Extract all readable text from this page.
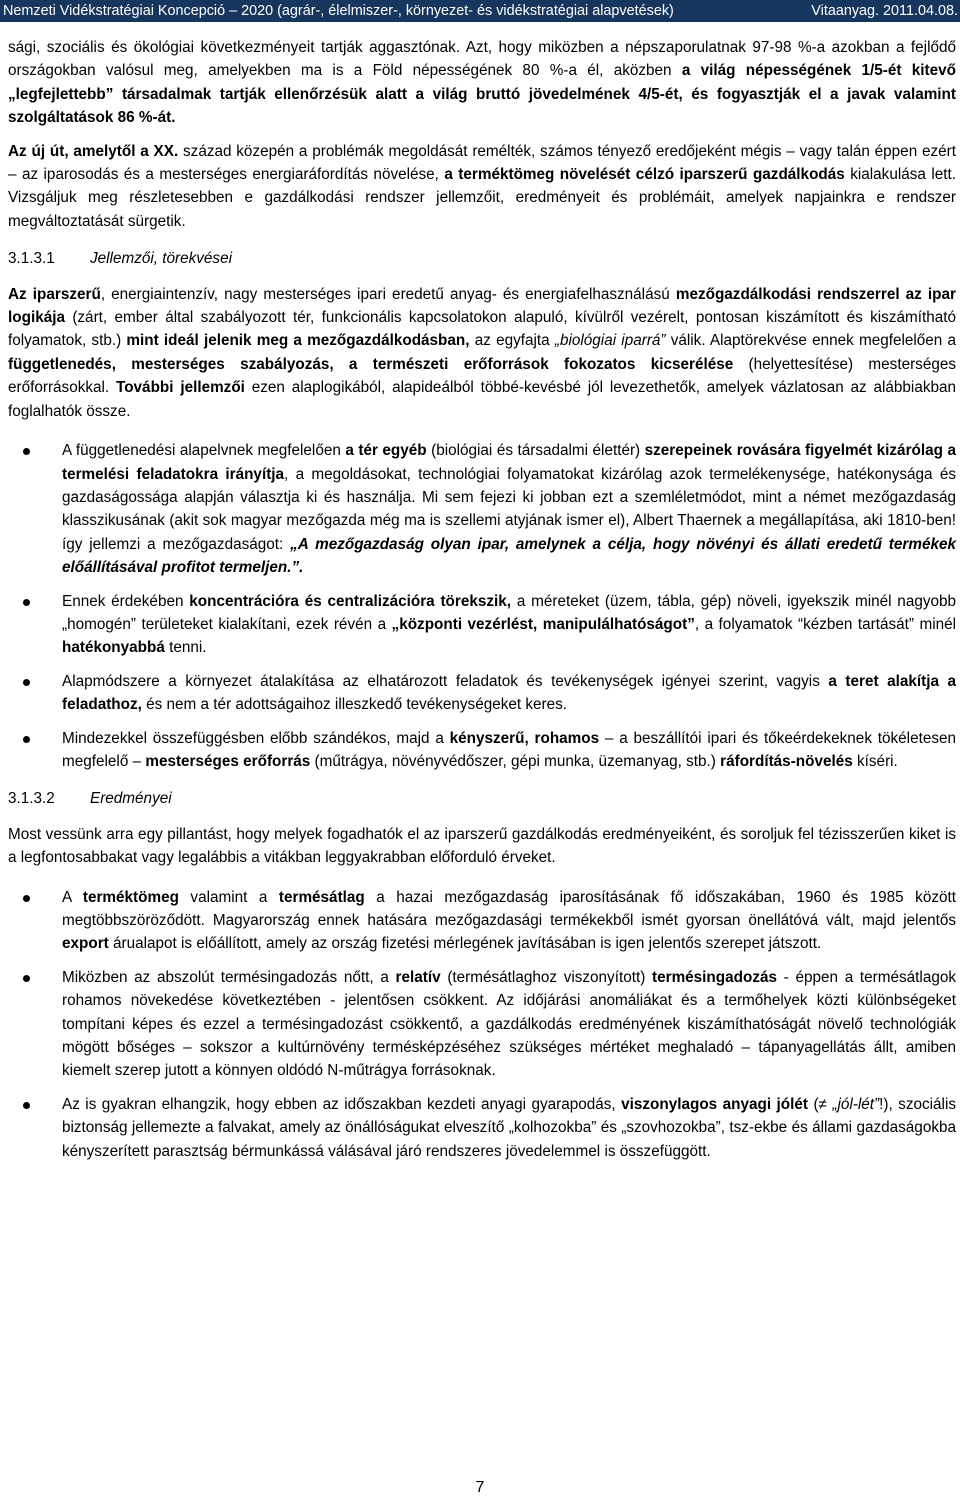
Nemzeti Vidékstratégiai Koncepció – 2020 (agrár-, élelmiszer-, környezet- és vidékstratégiai alapvetések)	Vitaanyag. 2011.04.08.

sági, szociális és ökológiai következményeit tartják aggasztónak. Azt, hogy miközben a népszaporulatnak 97-98 %-a azokban a fejlődő országokban valósul meg, amelyekben ma is a Föld népességének 80 %-a él, aközben a világ népességének 1/5-ét kitevő „legfejlettebb” társadalmak tartják ellenőrzésük alatt a világ bruttó jövedelmének 4/5-ét, és fogyasztják el a javak valamint szolgáltatások 86 %-át.

Az új út, amelytől a XX. század közepén a problémák megoldását remélték, számos tényező eredőjeként mégis – vagy talán éppen ezért – az iparosodás és a mesterséges energiaráfordítás növelése, a terméktömeg növelését célzó iparszerű gazdálkodás kialakulása lett. Vizsgáljuk meg részletesebben e gazdálkodási rendszer jellemzőit, eredményeit és problémáit, amelyek napjainkra e rendszer megváltoztatását sürgetik.

3.1.3.1 Jellemzői, törekvései

Az iparszerű, energiaintenzív, nagy mesterséges ipari eredetű anyag- és energiafelhasználású mezőgazdálkodási rendszerrel az ipar logikája (zárt, ember által szabályozott tér, funkcionális kapcsolatokon alapuló, kívülről vezérelt, pontosan kiszámított és kiszámítható folyamatok, stb.) mint ideál jelenik meg a mezőgazdálkodásban, az egyfajta „biológiai iparrá” válik. Alaptörekvése ennek megfelelően a függetlenedés, mesterséges szabályozás, a természeti erőforrások fokozatos kicserélése (helyettesítése) mesterséges erőforrásokkal. További jellemzői ezen alaplogikából, alapideálból többé-kevésbé jól levezethetők, amelyek vázlatosan az alábbiakban foglalhatók össze.

A függetlenedési alapelvnek megfelelően a tér egyéb (biológiai és társadalmi élettér) szerepeinek rovására figyelmét kizárólag a termelési feladatokra irányítja, a megoldásokat, technológiai folyamatokat kizárólag azok termelékenysége, hatékonysága és gazdaságossága alapján választja ki és használja. Mi sem fejezi ki jobban ezt a szemléletmódot, mint a német mezőgazdaság klasszikusának (akit sok magyar mezőgazda még ma is szellemi atyjának ismer el), Albert Thaernek a megállapítása, aki 1810-ben! így jellemzi a mezőgazdaságot: „A mezőgazdaság olyan ipar, amelynek a célja, hogy növényi és állati eredetű termékek előállításával profitot termeljen.”.
Ennek érdekében koncentrációra és centralizációra törekszik, a méreteket (üzem, tábla, gép) növeli, igyekszik minél nagyobb „homogén” területeket kialakítani, ezek révén a „központi vezérlést, manipulálhatóságot”, a folyamatok “kézben tartását” minél hatékonyabbá tenni.
Alapmódszere a környezet átalakítása az elhatározott feladatok és tevékenységek igényei szerint, vagyis a teret alakítja a feladathoz, és nem a tér adottságaihoz illeszkedő tevékenységeket keres.
Mindezekkel összefüggésben előbb szándékos, majd a kényszerű, rohamos – a beszállítói ipari és tőkeérdekeknek tökéletesen megfelelő – mesterséges erőforrás (műtrágya, növényvédőszer, gépi munka, üzemanyag, stb.) ráfordítás-növelés kíséri.

3.1.3.2 Eredményei

Most vessünk arra egy pillantást, hogy melyek fogadhatók el az iparszerű gazdálkodás eredményeiként, és soroljuk fel tézisszerűen kiket is a legfontosabbakat vagy legalábbis a vitákban leggyakrabban előforduló érveket.

A terméktömeg valamint a termésátlag a hazai mezőgazdaság iparosításának fő időszakában, 1960 és 1985 között megtöbbszöröződött. Magyarország ennek hatására mezőgazdasági termékekből ismét gyorsan önellátóvá vált, majd jelentős export árualapot is előállított, amely az ország fizetési mérlegének javításában is igen jelentős szerepet játszott.
Miközben az abszolút termésingadozás nőtt, a relatív (termésátlaghoz viszonyított) termésingadozás - éppen a termésátlagok rohamos növekedése következtében - jelentősen csökkent. Az időjárási anomáliákat és a termőhelyek közti különbségeket tompítani képes és ezzel a termésingadozást csökkentő, a gazdálkodás eredményének kiszámíthatóságát növelő technológiák mögött bőséges – sokszor a kultúrnövény termésképzéséhez szükséges mértéket meghaladó – tápanyagellátás állt, amiben kiemelt szerep jutott a könnyen oldódó N-műtrágya forrásoknak.
Az is gyakran elhangzik, hogy ebben az időszakban kezdeti anyagi gyarapodás, viszonylagos anyagi jólét (≠ „jól-lét”!), szociális biztonság jellemezte a falvakat, amely az önállóságukat elveszítő „kolhozokba” és „szovhozokba”, tsz-ekbe és állami gazdaságokba kényszerített parasztság bérmunkássá válásával járó rendszeres jövedelemmel is összefüggött.
7
